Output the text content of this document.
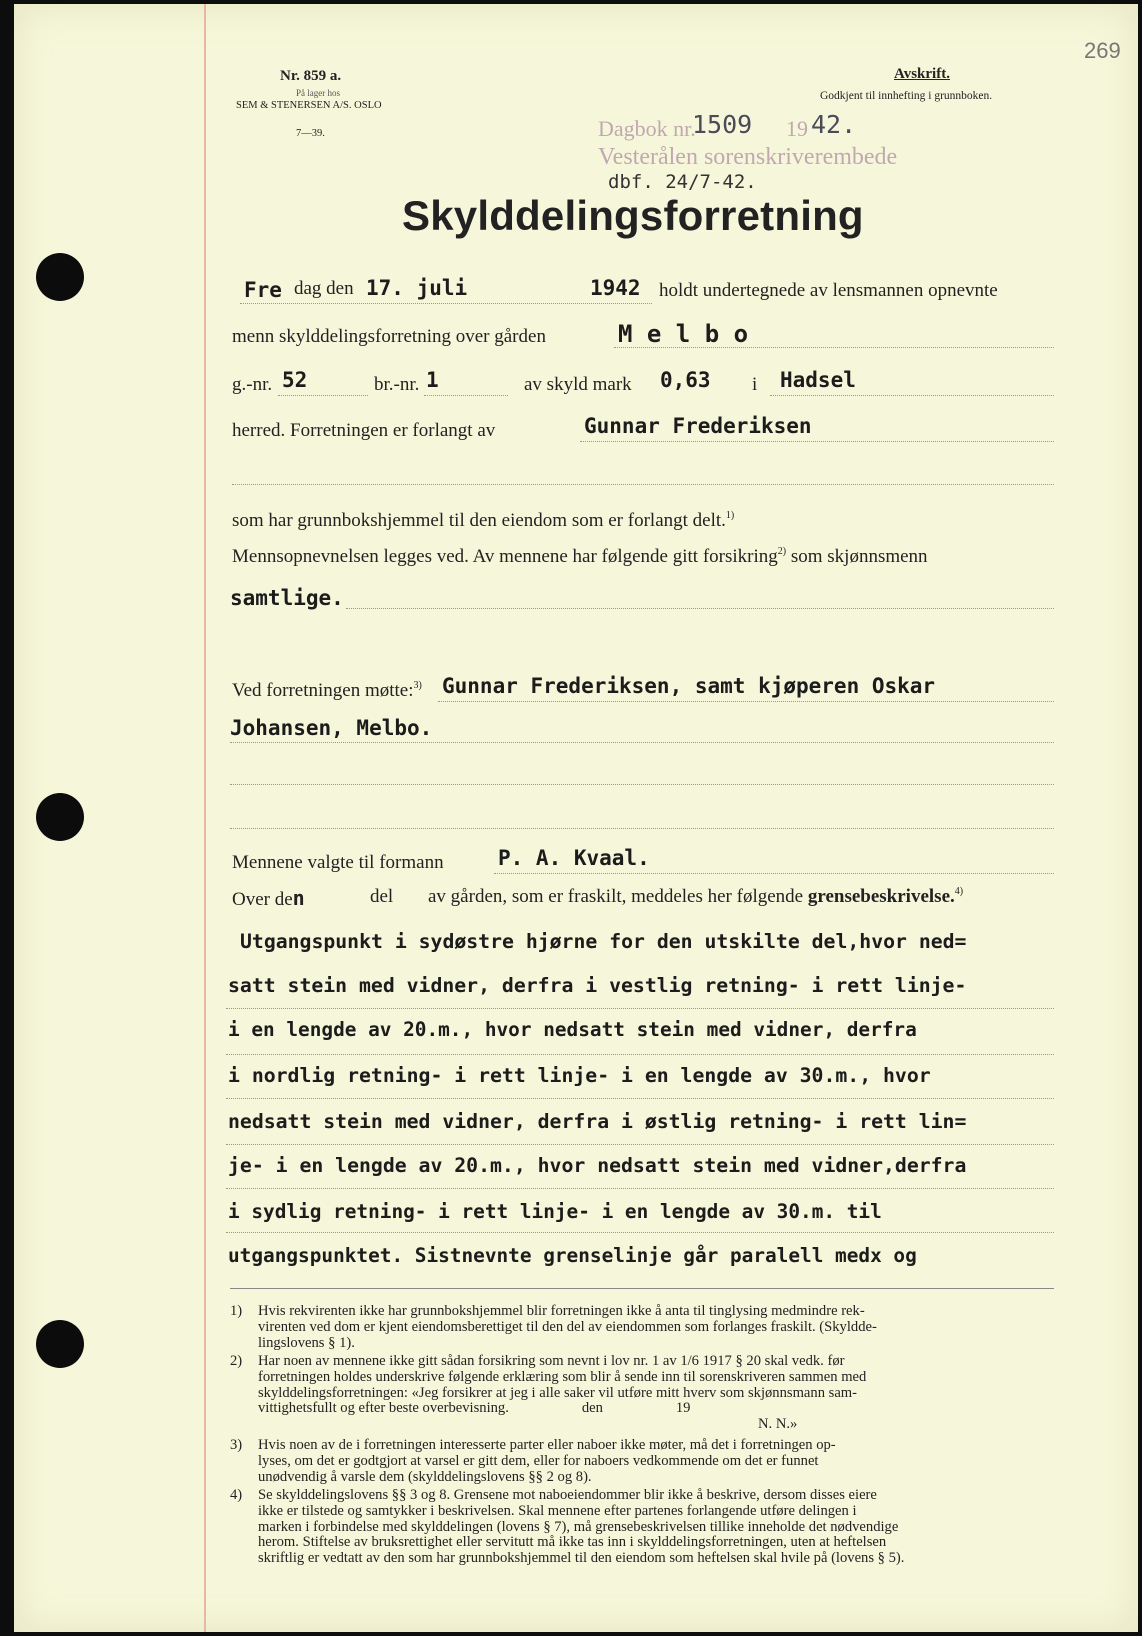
Nr. 859 a.
På lager hos
SEM & STENERSEN A/S. OSLO
7—39.
269
Avskrift.
Godkjent til innhefting i grunnboken.
Dagbok nr.
1509 19 42.
Vesterålen sorenskriverembede
dbf. 24/7-42.
Skylddelingsforretning
Fre dag den 17. juli	1942 holdt undertegnede av lensmannen opnevnte
menn skylddelingsforretning over gården	M e l b o
g.-nr. 52	br.-nr. 1	av skyld mark 0,63 i Hadsel
herred. Forretningen er forlangt av	Gunnar Frederiksen
som har grunnbokshjemmel til den eiendom som er forlangt delt.$^{1)}$
Mennsopnevnelsen legges ved. Av mennene har følgende gitt forsikring$^{2)}$ som skjønnsmenn
samtlige.
Ved forretningen møtte:$^{3)}$ Gunnar Frederiksen, samt kjøperen Oskar
Johansen, Melbo.
Mennene valgte til formann	P. A. Kvaal.
Over den	del av gården, som er fraskilt, meddeles her følgende grensebeskrivelse.$^{4)}$
Utgangspunkt i sydøstre hjørne for den utskilte del,hvor ned=
satt stein med vidner, derfra i vestlig retning- i rett linje-
i en lengde av 20.m., hvor nedsatt stein med vidner, derfra
i nordlig retning- i rett linje- i en lengde av 30.m., hvor
nedsatt stein med vidner, derfra i østlig retning- i rett lin=
je- i en lengde av 20.m., hvor nedsatt stein med vidner,derfra
i sydlig retning- i rett linje- i en lengde av 30.m. til
utgangspunktet. Sistnevnte grenselinje går paralell medx og
1) Hvis rekvirenten ikke har grunnbokshjemmel blir forretningen ikke å anta til tinglysing medmindre rek-
virenten ved dom er kjent eiendomsberettiget til den del av eiendommen som forlanges fraskilt. (Skyldde-
lingslovens § 1).
2) Har noen av mennene ikke gitt sådan forsikring som nevnt i lov nr. 1 av 1/6 1917 § 20 skal vedk. før
forretningen holdes underskrive følgende erklæring som blir å sende inn til sorenskriveren sammen med
skylddelingsforretningen: «Jeg forsikrer at jeg i alle saker vil utføre mitt hverv som skjønnsmann sam-
vittighetsfullt og efter beste overbevisning.                    den                    19
N. N.»
3) Hvis noen av de i forretningen interesserte parter eller naboer ikke møter, må det i forretningen op-
lyses, om det er godtgjort at varsel er gitt dem, eller for naboers vedkommende om det er funnet
unødvendig å varsle dem (skylddelingslovens §§ 2 og 8).
4) Se skylddelingslovens §§ 3 og 8. Grensene mot naboeiendommer blir ikke å beskrive, dersom disses eiere
ikke er tilstede og samtykker i beskrivelsen. Skal mennene efter partenes forlangende utføre delingen i
marken i forbindelse med skylddelingen (lovens § 7), må grensebeskrivelsen tillike inneholde det nødvendige
herom. Stiftelse av bruksrettighet eller servitutt må ikke tas inn i skylddelingsforretningen, uten at heftelsen
skriftlig er vedtatt av den som har grunnbokshjemmel til den eiendom som heftelsen skal hvile på (lovens § 5).
